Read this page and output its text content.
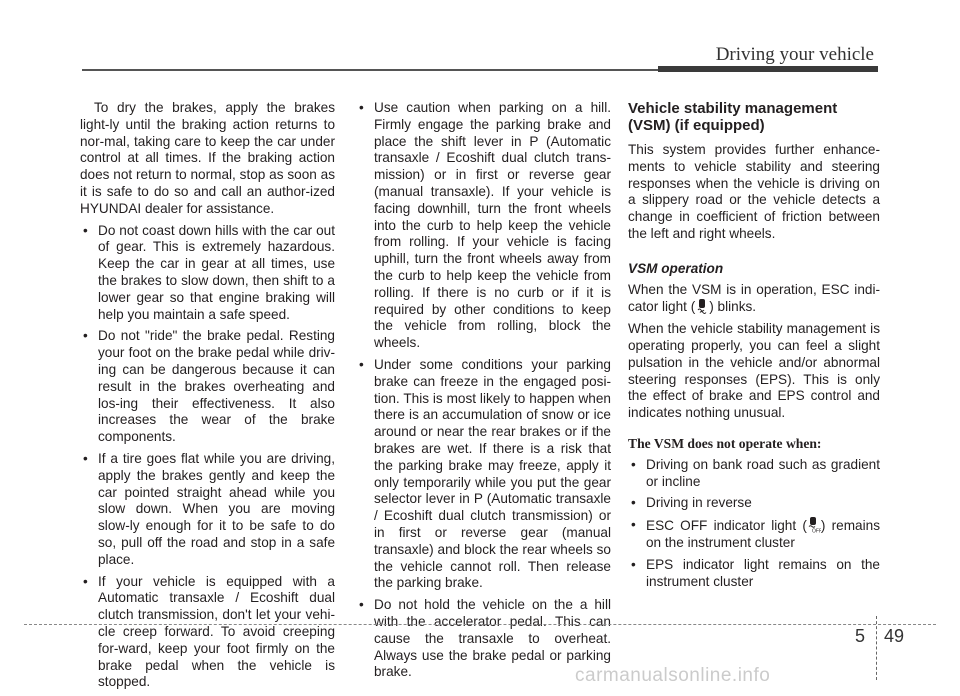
Driving your vehicle

To dry the brakes, apply the brakes light-ly until the braking action returns to nor-mal, taking care to keep the car under control at all times. If the braking action does not return to normal, stop as soon as it is safe to do so and call an author-ized HYUNDAI dealer for assistance.

• Do not coast down hills with the car out of gear. This is extremely hazardous. Keep the car in gear at all times, use the brakes to slow down, then shift to a lower gear so that engine braking will help you maintain a safe speed.
• Do not "ride" the brake pedal. Resting your foot on the brake pedal while driv-ing can be dangerous because it can result in the brakes overheating and los-ing their effectiveness. It also increases the wear of the brake components.
• If a tire goes flat while you are driving, apply the brakes gently and keep the car pointed straight ahead while you slow down. When you are moving slow-ly enough for it to be safe to do so, pull off the road and stop in a safe place.
• If your vehicle is equipped with a Automatic transaxle / Ecoshift dual clutch transmission, don't let your vehi-cle creep forward. To avoid creeping for-ward, keep your foot firmly on the brake pedal when the vehicle is stopped.
• Use caution when parking on a hill. Firmly engage the parking brake and place the shift lever in P (Automatic transaxle / Ecoshift dual clutch trans-mission) or in first or reverse gear (manual transaxle). If your vehicle is facing downhill, turn the front wheels into the curb to help keep the vehicle from rolling. If your vehicle is facing uphill, turn the front wheels away from the curb to help keep the vehicle from rolling. If there is no curb or if it is required by other conditions to keep the vehicle from rolling, block the wheels.
• Under some conditions your parking brake can freeze in the engaged posi-tion. This is most likely to happen when there is an accumulation of snow or ice around or near the rear brakes or if the brakes are wet. If there is a risk that the parking brake may freeze, apply it only temporarily while you put the gear selector lever in P (Automatic transaxle / Ecoshift dual clutch transmission) or in first or reverse gear (manual transaxle) and block the rear wheels so the vehicle cannot roll. Then release the parking brake.
• Do not hold the vehicle on the a hill with the accelerator pedal. This can cause the transaxle to overheat. Always use the brake pedal or parking brake.
Vehicle stability management (VSM) (if equipped)

This system provides further enhance-ments to vehicle stability and steering responses when the vehicle is driving on a slippery road or the vehicle detects a change in coefficient of friction between the left and right wheels.

VSM operation

When the VSM is in operation, ESC indi-cator light ( ) blinks.

When the vehicle stability management is operating properly, you can feel a slight pulsation in the vehicle and/or abnormal steering responses (EPS). This is only the effect of brake and EPS control and indicates nothing unusual.

The VSM does not operate when:
• Driving on bank road such as gradient or incline
• Driving in reverse
• ESC OFF indicator light ( OFF ) remains on the instrument cluster
• EPS indicator light remains on the instrument cluster
5 49
carmanualsonline.info
